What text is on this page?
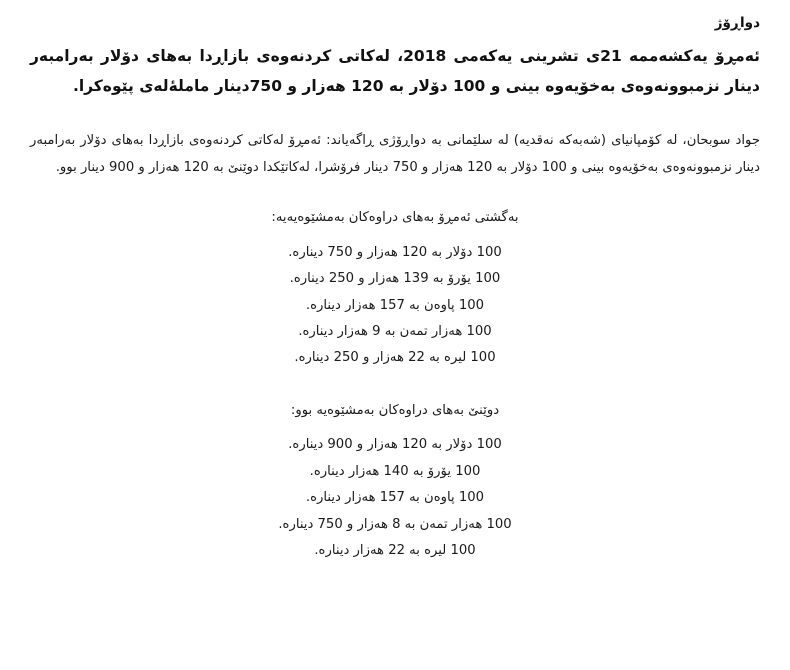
دواڕۆژ
ئەمڕۆ یەکشەممە 21ی تشرینی یەکەمی 2018، لەکاتی کردنەوەی بازاڕدا بەهای دۆلار بەرامبەر دینار نزمبوونەوەی بەخۆیەوە بینی و 100 دۆلار بە 120 هەزار و 750دینار ماملۀلەی پێوەکرا.

جواد سوبحان، لە کۆمپانیای (شەبەکە نەقدیە) لە سلێمانی بە دواڕۆژی ڕاگەیاند: ئەمڕۆ لەکاتی کردنەوەی بازاڕدا بەهای دۆلار بەرامبەر دینار نزمبوونەوەی بەخۆیەوە بینی و 100 دۆلار بە 120 هەزار و 750 دینار فرۆشرا، لەکاتێکدا دوێنێ بە 120 هەزار و 900 دینار بوو.

بەگشتی ئەمڕۆ بەهای دراوەکان بەمشێوەیەیە:
100 دۆلار بە 120 هەزار و 750 دینارە.
100 یۆرۆ بە 139 هەزار و 250 دینارە.
100 پاوەن بە 157 هەزار دینارە.
100 هەزار تمەن بە 9 هەزار دینارە.
100 لیرە بە 22 هەزار و 250 دینارە.
دوێنێ بەهای دراوەکان بەمشێوەیە بوو:
100 دۆلار بە 120 هەزار و 900 دینارە.
100 یۆرۆ بە 140 هەزار دینارە.
100 پاوەن بە 157 هەزار دینارە.
100 هەزار تمەن بە 8 هەزار و 750 دینارە.
100 لیرە بە 22 هەزار دینارە.
